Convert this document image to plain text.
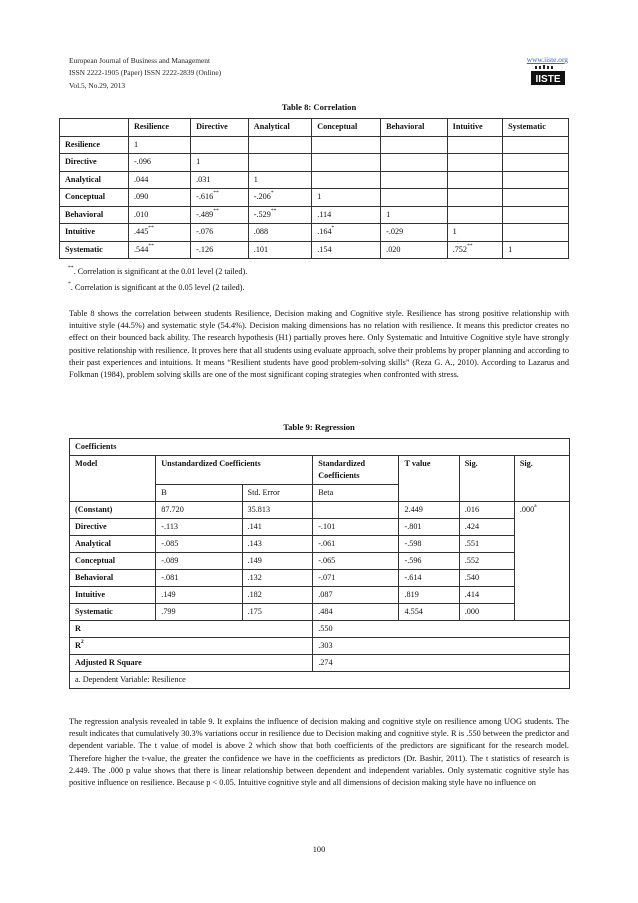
European Journal of Business and Management
ISSN 2222-1905 (Paper) ISSN 2222-2839 (Online)
Vol.5, No.29, 2013
www.iiste.org
IISTE
Table 8: Correlation
	Resilience	Directive	Analytical	Conceptual	Behavioral	Intuitive	Systematic
Resilience	1						
Directive	-.096	1					
Analytical	.044	.031	1				
Conceptual	.090	-.616**	-.206*	1			
Behavioral	.010	-.489**	-.529**	.114	1		
Intuitive	.445**	-.076	.088	.164*	-.029	1	
Systematic	.544**	-.126	.101	.154	.020	.752**	1
**. Correlation is significant at the 0.01 level (2 tailed).
*. Correlation is significant at the 0.05 level (2 tailed).

Table 8 shows the correlation between students Resilience, Decision making and Cognitive style. Resilience has strong positive relationship with intuitive style (44.5%) and systematic style (54.4%). Decision making dimensions has no relation with resilience. It means this predictor creates no effect on their bounced back ability. The research hypothesis (H1) partially proves here. Only Systematic and Intuitive Cognitive style have strongly positive relationship with resilience. It proves here that all students using evaluate approach, solve their problems by proper planning and according to their past experiences and intuitions. It means “Resilient students have good problem-solving skills” (Reza G. A., 2010). According to Lazarus and Folkman (1984), problem solving skills are one of the most significant coping strategies when confronted with stress.

Table 9: Regression
Coefficients						
Model	Unstandardized Coefficients		Standardized Coefficients	T value	Sig.	Sig.
	B	Std. Error	Beta			
(Constant)	87.720	35.813		2.449	.016	.000$^a$
Directive	-.113	.141	-.101	-.801	.424	
Analytical	-.085	.143	-.061	-.598	.551	
Conceptual	-.089	.149	-.065	-.596	.552	
Behavioral	-.081	.132	-.071	-.614	.540	
Intuitive	.149	.182	.087	.819	.414	
Systematic	.799	.175	.484	4.554	.000	
R			.550			
$R^2$			.303			
Adjusted R Square			.274			
a. Dependent Variable: Resilience						

The regression analysis revealed in table 9. It explains the influence of decision making and cognitive style on resilience among UOG students. The result indicates that cumulatively 30.3% variations occur in resilience due to Decision making and cognitive style. R is .550 between the predictor and dependent variable. The t value of model is above 2 which show that both coefficients of the predictors are significant for the research model. Therefore higher the t-value, the greater the confidence we have in the coefficients as predictors (Dr. Bashir, 2011). The t statistics of research is 2.449. The .000 p value shows that there is linear relationship between dependent and independent variables. Only systematic cognitive style has positive influence on resilience. Because p < 0.05. Intuitive cognitive style and all dimensions of decision making style have no influence on

100
